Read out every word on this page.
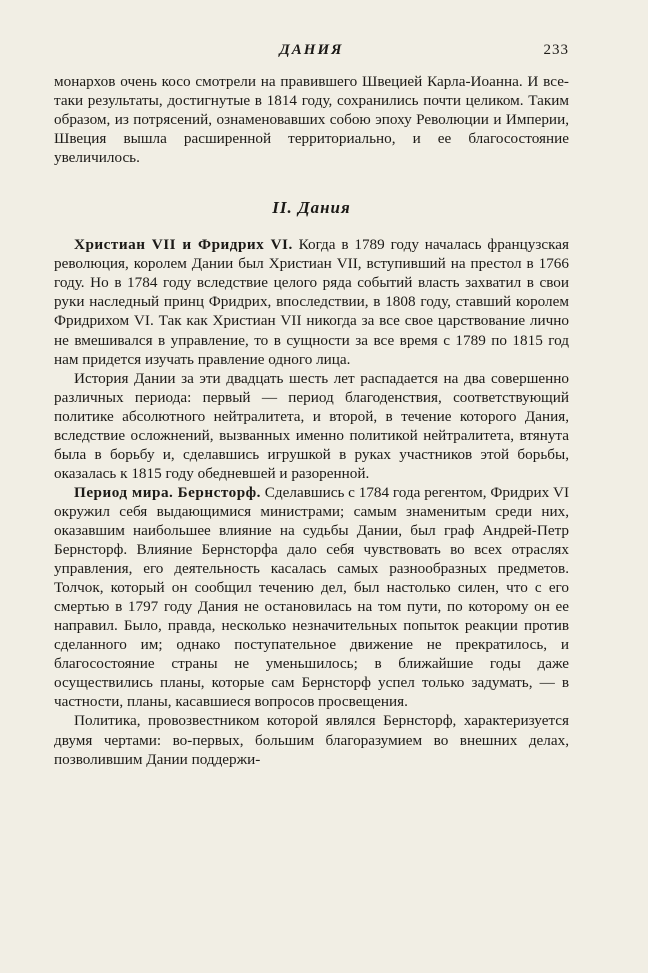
ДАНИЯ	233

монархов очень косо смотрели на правившего Швецией Карла-Иоанна. И все-таки результаты, достигнутые в 1814 году, сохранились почти целиком. Таким образом, из потрясений, ознаменовавших собою эпоху Революции и Империи, Швеция вышла расширенной территориально, и ее благосостояние увеличилось.

II. Дания

Христиан VII и Фридрих VI. Когда в 1789 году началась французская революция, королем Дании был Христиан VII, вступивший на престол в 1766 году. Но в 1784 году вследствие целого ряда событий власть захватил в свои руки наследный принц Фридрих, впоследствии, в 1808 году, ставший королем Фридрихом VI. Так как Христиан VII никогда за все свое царствование лично не вмешивался в управление, то в сущности за все время с 1789 по 1815 год нам придется изучать правление одного лица.

История Дании за эти двадцать шесть лет распадается на два совершенно различных периода: первый — период благоденствия, соответствующий политике абсолютного нейтралитета, и второй, в течение которого Дания, вследствие осложнений, вызванных именно политикой нейтралитета, втянута была в борьбу и, сделавшись игрушкой в руках участников этой борьбы, оказалась к 1815 году обедневшей и разоренной.

Период мира. Бернсторф. Сделавшись с 1784 года регентом, Фридрих VI окружил себя выдающимися министрами; самым знаменитым среди них, оказавшим наибольшее влияние на судьбы Дании, был граф Андрей-Петр Бернсторф. Влияние Бернсторфа дало себя чувствовать во всех отраслях управления, его деятельность касалась самых разнообразных предметов. Толчок, который он сообщил течению дел, был настолько силен, что с его смертью в 1797 году Дания не остановилась на том пути, по которому он ее направил. Было, правда, несколько незначительных попыток реакции против сделанного им; однако поступательное движение не прекратилось, и благосостояние страны не уменьшилось; в ближайшие годы даже осуществились планы, которые сам Бернсторф успел только задумать, — в частности, планы, касавшиеся вопросов просвещения.

Политика, провозвестником которой являлся Бернсторф, характеризуется двумя чертами: во-первых, большим благоразумием во внешних делах, позволившим Дании поддержи-
